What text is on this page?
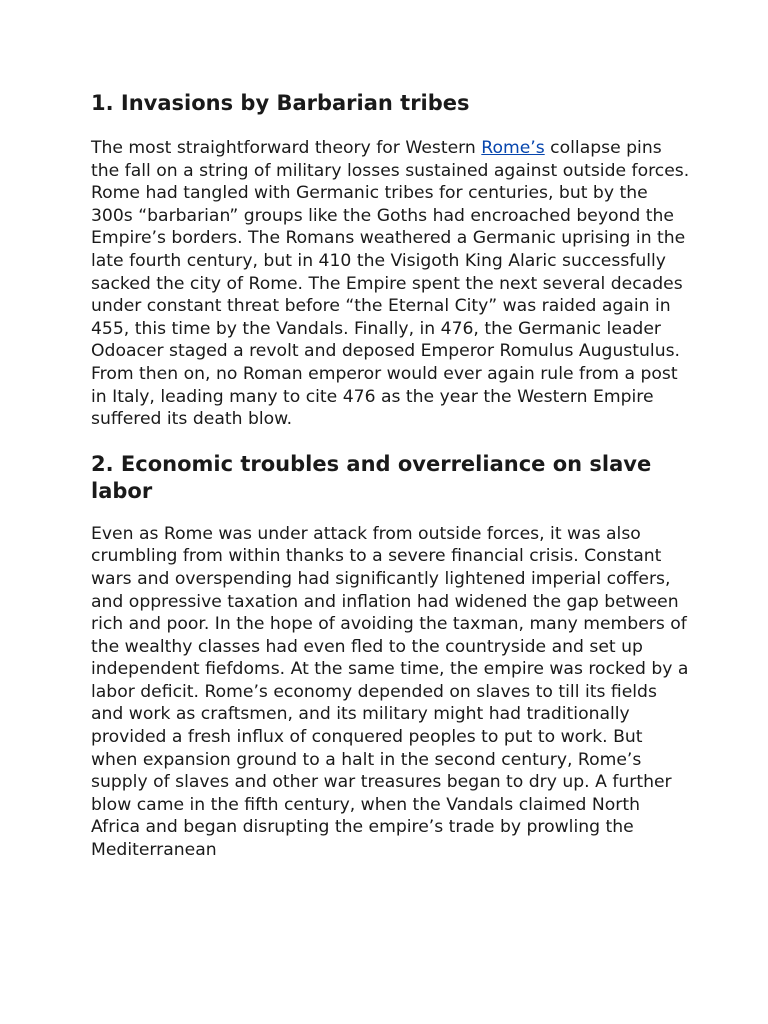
1. Invasions by Barbarian tribes

The most straightforward theory for Western Rome’s collapse pins the fall on a string of military losses sustained against outside forces. Rome had tangled with Germanic tribes for centuries, but by the 300s “barbarian” groups like the Goths had encroached beyond the Empire’s borders. The Romans weathered a Germanic uprising in the late fourth century, but in 410 the Visigoth King Alaric successfully sacked the city of Rome. The Empire spent the next several decades under constant threat before “the Eternal City” was raided again in 455, this time by the Vandals. Finally, in 476, the Germanic leader Odoacer staged a revolt and deposed Emperor Romulus Augustulus. From then on, no Roman emperor would ever again rule from a post in Italy, leading many to cite 476 as the year the Western Empire suffered its death blow.

2. Economic troubles and overreliance on slave labor

Even as Rome was under attack from outside forces, it was also crumbling from within thanks to a severe financial crisis. Constant wars and overspending had significantly lightened imperial coffers, and oppressive taxation and inflation had widened the gap between rich and poor. In the hope of avoiding the taxman, many members of the wealthy classes had even fled to the countryside and set up independent fiefdoms. At the same time, the empire was rocked by a labor deficit. Rome’s economy depended on slaves to till its fields and work as craftsmen, and its military might had traditionally provided a fresh influx of conquered peoples to put to work. But when expansion ground to a halt in the second century, Rome’s supply of slaves and other war treasures began to dry up. A further blow came in the fifth century, when the Vandals claimed North Africa and began disrupting the empire’s trade by prowling the Mediterranean
